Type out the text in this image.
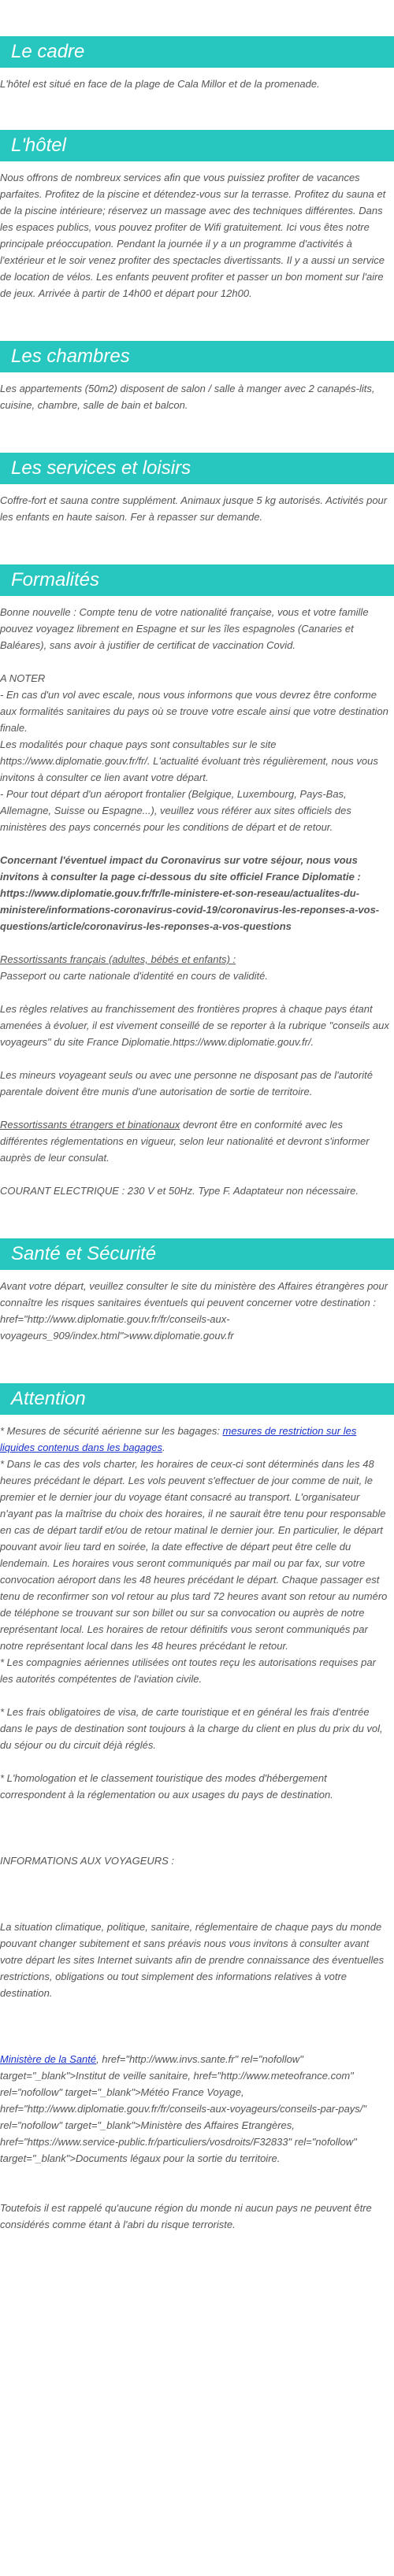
Le cadre

L'hôtel est situé en face de la plage de Cala Millor et de la promenade.

L'hôtel

Nous offrons de nombreux services afin que vous puissiez profiter de vacances parfaites. Profitez de la piscine et détendez-vous sur la terrasse. Profitez du sauna et de la piscine intérieure; réservez un massage avec des techniques différentes. Dans les espaces publics, vous pouvez profiter de Wifi gratuitement. Ici vous êtes notre principale préoccupation. Pendant la journée il y a un programme d'activités à l'extérieur et le soir venez profiter des spectacles divertissants. Il y a aussi un service de location de vélos. Les enfants peuvent profiter et passer un bon moment sur l'aire de jeux. Arrivée à partir de 14h00 et départ pour 12h00.

Les chambres

Les appartements (50m2) disposent de salon / salle à manger avec 2 canapés-lits, cuisine, chambre, salle de bain et balcon.

Les services et loisirs

Coffre-fort et sauna contre supplément. Animaux jusque 5 kg autorisés. Activités pour les enfants en haute saison. Fer à repasser sur demande.

Formalités

Bonne nouvelle : Compte tenu de votre nationalité française, vous et votre famille pouvez voyagez librement en Espagne et sur les îles espagnoles (Canaries et Baléares), sans avoir à justifier de certificat de vaccination Covid.

A NOTER

- En cas d'un vol avec escale, nous vous informons que vous devrez être conforme aux formalités sanitaires du pays où se trouve votre escale ainsi que votre destination finale.

Les modalités pour chaque pays sont consultables sur le site https://www.diplomatie.gouv.fr/fr/. L'actualité évoluant très régulièrement, nous vous invitons à consulter ce lien avant votre départ.

- Pour tout départ d'un aéroport frontalier (Belgique, Luxembourg, Pays-Bas, Allemagne, Suisse ou Espagne...), veuillez vous référer aux sites officiels des ministères des pays concernés pour les conditions de départ et de retour.

Concernant l'éventuel impact du Coronavirus sur votre séjour, nous vous invitons à consulter la page ci-dessous du site officiel France Diplomatie : https://www.diplomatie.gouv.fr/fr/le-ministere-et-son-reseau/actualites-du-ministere/informations-coronavirus-covid-19/coronavirus-les-reponses-a-vos-questions/article/coronavirus-les-reponses-a-vos-questions

Ressortissants français (adultes, bébés et enfants) :

Passeport ou carte nationale d'identité en cours de validité.

Les règles relatives au franchissement des frontières propres à chaque pays étant amenées à évoluer, il est vivement conseillé de se reporter à la rubrique "conseils aux voyageurs" du site France Diplomatie.https://www.diplomatie.gouv.fr/.

Les mineurs voyageant seuls ou avec une personne ne disposant pas de l'autorité parentale doivent être munis d'une autorisation de sortie de territoire.

Ressortissants étrangers et binationaux devront être en conformité avec les différentes réglementations en vigueur, selon leur nationalité et devront s'informer auprès de leur consulat.

COURANT ELECTRIQUE : 230 V et 50Hz. Type F. Adaptateur non nécessaire.

Santé et Sécurité

Avant votre départ, veuillez consulter le site du ministère des Affaires étrangères pour connaître les risques sanitaires éventuels qui peuvent concerner votre destination : href="http://www.diplomatie.gouv.fr/fr/conseils-aux-voyageurs_909/index.html">www.diplomatie.gouv.fr

Attention

* Mesures de sécurité aérienne sur les bagages: mesures de restriction sur les liquides contenus dans les bagages.

* Dans le cas des vols charter, les horaires de ceux-ci sont déterminés dans les 48 heures précédant le départ. Les vols peuvent s'effectuer de jour comme de nuit, le premier et le dernier jour du voyage étant consacré au transport. L'organisateur n'ayant pas la maîtrise du choix des horaires, il ne saurait être tenu pour responsable en cas de départ tardif et/ou de retour matinal le dernier jour. En particulier, le départ pouvant avoir lieu tard en soirée, la date effective de départ peut être celle du lendemain. Les horaires vous seront communiqués par mail ou par fax, sur votre convocation aéroport dans les 48 heures précédant le départ. Chaque passager est tenu de reconfirmer son vol retour au plus tard 72 heures avant son retour au numéro de téléphone se trouvant sur son billet ou sur sa convocation ou auprès de notre représentant local. Les horaires de retour définitifs vous seront communiqués par notre représentant local dans les 48 heures précédant le retour.

* Les compagnies aériennes utilisées ont toutes reçu les autorisations requises par les autorités compétentes de l'aviation civile.

* Les frais obligatoires de visa, de carte touristique et en général les frais d'entrée dans le pays de destination sont toujours à la charge du client en plus du prix du vol, du séjour ou du circuit déjà réglés.

* L'homologation et le classement touristique des modes d'hébergement correspondent à la réglementation ou aux usages du pays de destination.

INFORMATIONS AUX VOYAGEURS :

La situation climatique, politique, sanitaire, réglementaire de chaque pays du monde pouvant changer subitement et sans préavis nous vous invitons à consulter avant votre départ les sites Internet suivants afin de prendre connaissance des éventuelles restrictions, obligations ou tout simplement des informations relatives à votre destination.

Ministère de la Santé, href="http://www.invs.sante.fr" rel="nofollow" target="_blank">Institut de veille sanitaire, href="http://www.meteofrance.com" rel="nofollow" target="_blank">Météo France Voyage, href="http://www.diplomatie.gouv.fr/fr/conseils-aux-voyageurs/conseils-par-pays/" rel="nofollow" target="_blank">Ministère des Affaires Etrangères, href="https://www.service-public.fr/particuliers/vosdroits/F32833" rel="nofollow" target="_blank">Documents légaux pour la sortie du territoire.

Toutefois il est rappelé qu'aucune région du monde ni aucun pays ne peuvent être considérés comme étant à l'abri du risque terroriste.
